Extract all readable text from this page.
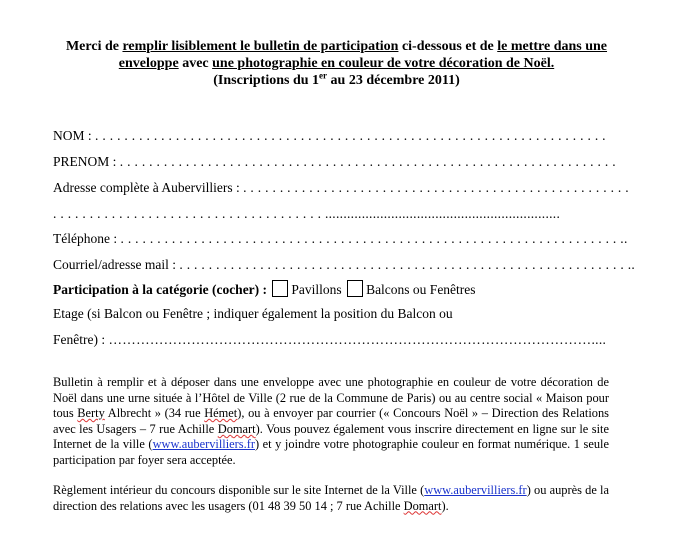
Merci de remplir lisiblement le bulletin de participation ci-dessous et de le mettre dans une enveloppe avec une photographie en couleur de votre décoration de Noël.
(Inscriptions du 1er au 23 décembre 2011)
NOM : . . . . . . . . . . . . . . . . . . . . . . . . . . . . . . . . . . . . . . . . . . . . . . . . . . . . . . . . . . . . . . . . . . . . . .
PRENOM : . . . . . . . . . . . . . . . . . . . . . . . . . . . . . . . . . . . . . . . . . . . . . . . . . . . . . . . . . . . . . . . . . . . .
Adresse complète à Aubervilliers : . . . . . . . . . . . . . . . . . . . . . . . . . . . . . . . . . . . . . . . . . . . . . . . . . . . . .
. . . . . . . . . . . . . . . . . . . . . . . . . . . . . . . . . . . . . ................................................................
Téléphone : . . . . . . . . . . . . . . . . . . . . . . . . . . . . . . . . . . . . . . . . . . . . . . . . . . . . . . . . . . . . . . . . . . . . ..
Courriel/adresse mail : . . . . . . . . . . . . . . . . . . . . . . . . . . . . . . . . . . . . . . . . . . . . . . . . . . . . . . . . . . . . . ..
Participation à la catégorie (cocher) : Pavillons Balcons ou Fenêtres
Etage (si Balcon ou Fenêtre ; indiquer également la position du Balcon ou
Fenêtre) : ……………………………………………………………………………………………....
Bulletin à remplir et à déposer dans une enveloppe avec une photographie en couleur de votre décoration de Noël dans une urne située à l’Hôtel de Ville (2 rue de la Commune de Paris) ou au centre social « Maison pour tous Berty Albrecht » (34 rue Hémet), ou à envoyer par courrier (« Concours Noël » – Direction des Relations avec les Usagers – 7 rue Achille Domart). Vous pouvez également vous inscrire directement en ligne sur le site Internet de la ville (www.aubervilliers.fr) et y joindre votre photographie couleur en format numérique. 1 seule participation par foyer sera acceptée.
Règlement intérieur du concours disponible sur le site Internet de la Ville (www.aubervilliers.fr) ou auprès de la direction des relations avec les usagers (01 48 39 50 14 ; 7 rue Achille Domart).
